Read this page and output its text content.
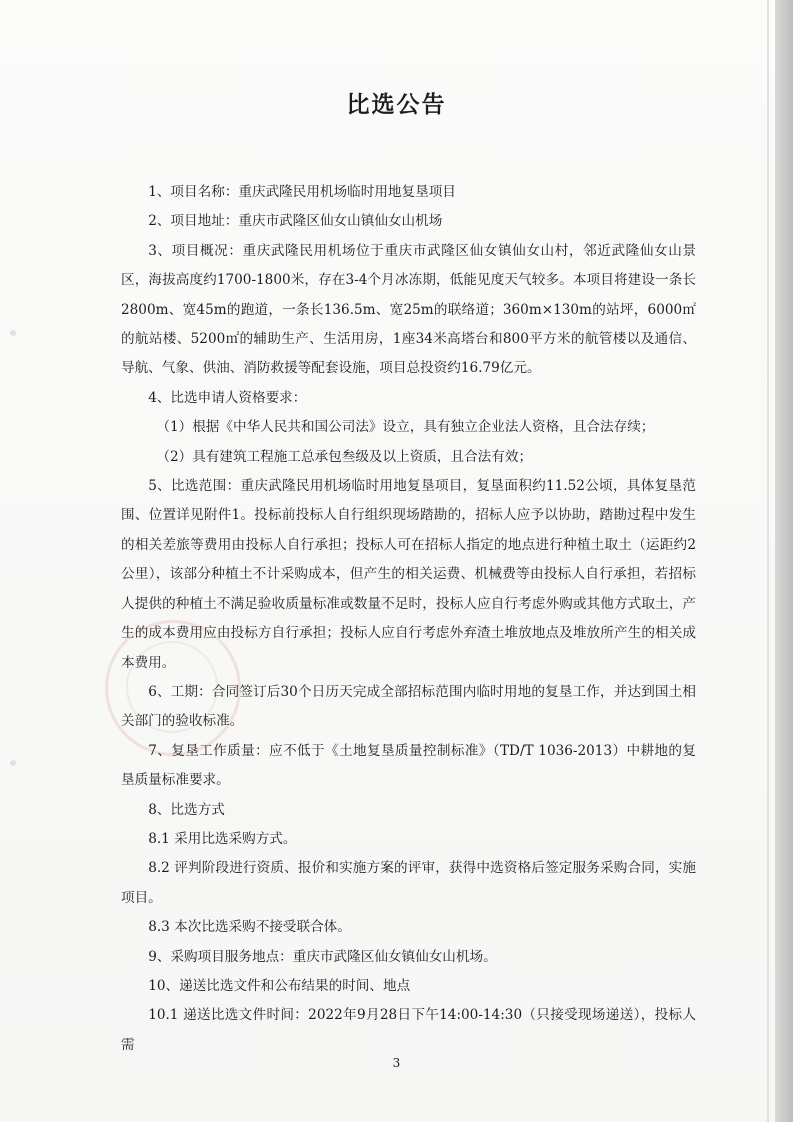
比选公告

1、项目名称：重庆武隆民用机场临时用地复垦项目

2、项目地址：重庆市武隆区仙女山镇仙女山机场

3、项目概况：重庆武隆民用机场位于重庆市武隆区仙女镇仙女山村，邻近武隆仙女山景区，海拔高度约1700-1800米，存在3-4个月冰冻期，低能见度天气较多。本项目将建设一条长2800m、宽45m的跑道，一条长136.5m、宽25m的联络道；360m×130m的站坪，6000㎡的航站楼、5200㎡的辅助生产、生活用房，1座34米高塔台和800平方米的航管楼以及通信、导航、气象、供油、消防救援等配套设施，项目总投资约16.79亿元。

4、比选申请人资格要求：

（1）根据《中华人民共和国公司法》设立，具有独立企业法人资格，且合法存续；

（2）具有建筑工程施工总承包叁级及以上资质，且合法有效；

5、比选范围：重庆武隆民用机场临时用地复垦项目，复垦面积约11.52公顷，具体复垦范围、位置详见附件1。投标前投标人自行组织现场踏勘的，招标人应予以协助，踏勘过程中发生的相关差旅等费用由投标人自行承担；投标人可在招标人指定的地点进行种植土取土（运距约2公里），该部分种植土不计采购成本，但产生的相关运费、机械费等由投标人自行承担，若招标人提供的种植土不满足验收质量标准或数量不足时，投标人应自行考虑外购或其他方式取土，产生的成本费用应由投标方自行承担；投标人应自行考虑外弃渣土堆放地点及堆放所产生的相关成本费用。

6、工期：合同签订后30个日历天完成全部招标范围内临时用地的复垦工作，并达到国土相关部门的验收标准。

7、复垦工作质量：应不低于《土地复垦质量控制标准》（TD/T 1036-2013）中耕地的复垦质量标准要求。

8、比选方式

8.1 采用比选采购方式。

8.2 评判阶段进行资质、报价和实施方案的评审，获得中选资格后签定服务采购合同，实施项目。

8.3 本次比选采购不接受联合体。

9、采购项目服务地点：重庆市武隆区仙女镇仙女山机场。

10、递送比选文件和公布结果的时间、地点

10.1 递送比选文件时间：2022年9月28日下午14:00-14:30（只接受现场递送），投标人需

3
